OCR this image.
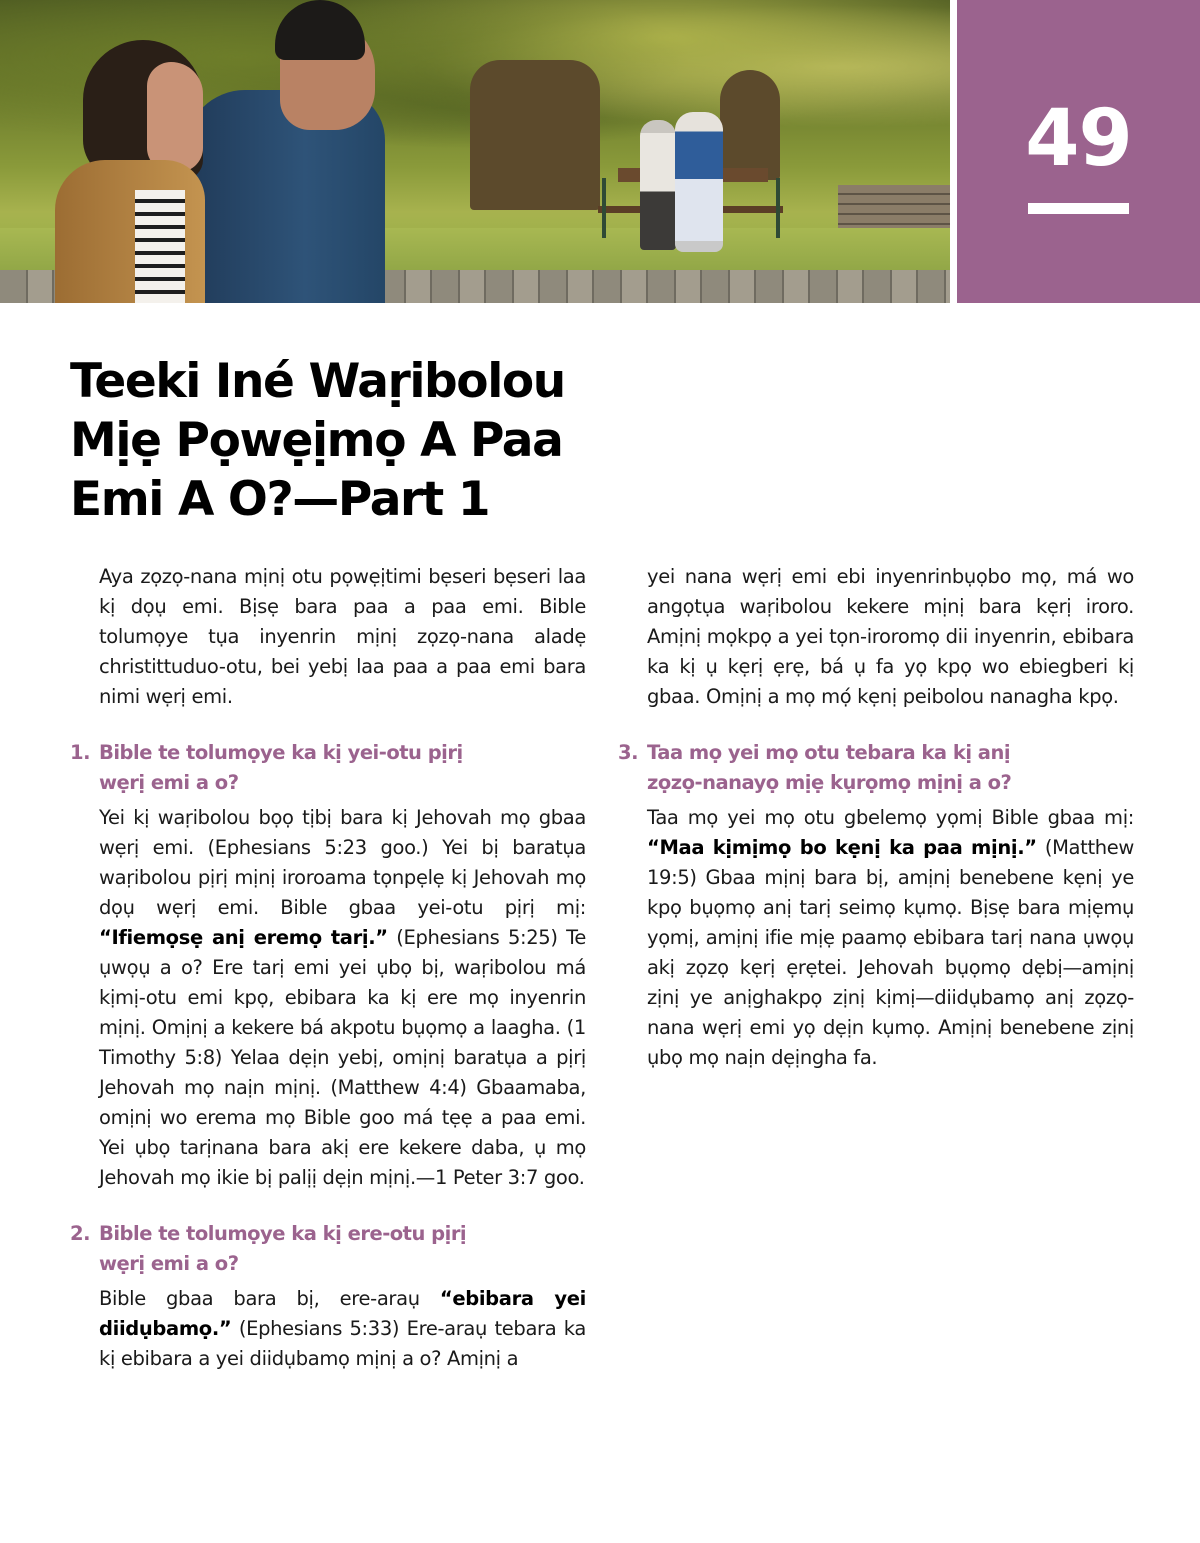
49
Teeki Iné Waṛibolou
Mịẹ Pọwẹịmọ A Paa
Emi A O?—Part 1

Aya zọzọ-nana mịnị otu pọwẹịtimi bẹseri bẹseri laa kị dọụ emi. Bịsẹ bara paa a paa emi. Bible tolumọye tụa inyenrin mịnị zọzọ-nana aladẹ christittuduo-otu, bei yebị laa paa a paa emi bara nimi wẹrị emi.

1. Bible te tolumọye ka kị yei-otu pịrị wẹrị emi a o?

Yei kị waṛibolou bọọ tịbị bara kị Jehovah mọ gbaa wẹrị emi. (Ephesians 5:23 goo.) Yei bị baratụa waṛibolou pịrị mịnị iroroama tọnpẹlẹ kị Jehovah mọ dọụ wẹrị emi. Bible gbaa yei-otu pịrị mị: “Ifiemọsẹ anị eremọ tarị.” (Ephesians 5:25) Te ụwọụ a o? Ere tarị emi yei ụbọ bị, waṛibolou má kịmị-otu emi kpọ, ebibara ka kị ere mọ inyenrin mịnị. Omịnị a kekere bá akpotu bụọmọ a laagha. (1 Timothy 5:8) Yelaa dẹịn yebị, omịnị baratụa a pịrị Jehovah mọ naịn mịnị. (Matthew 4:4) Gbaamaba, omịnị wo erema mọ Bible goo má tẹẹ a paa emi. Yei ụbọ tarịnana bara akị ere kekere daba, ụ mọ Jehovah mọ ikie bị palịị dẹịn mịnị.—1 Peter 3:7 goo.

2. Bible te tolumọye ka kị ere-otu pịrị wẹrị emi a o?

Bible gbaa bara bị, ere-araụ “ebibara yei diidụbamọ.” (Ephesians 5:33) Ere-araụ tebara ka kị ebibara a yei diidụbamọ mịnị a o? Amịnị a

yei nana wẹrị emi ebi inyenrinbụọbo mọ, má wo angọtụa waṛibolou kekere mịnị bara kẹrị iroro. Amịnị mọkpọ a yei tọn-iroromọ dii inyenrin, ebibara ka kị ụ kẹrị ẹrẹ, bá ụ fa yọ kpọ wo ebiegberi kị gbaa. Omịnị a mọ mọ́ kẹnị peibolou nanagha kpọ.

3. Taa mọ yei mọ otu tebara ka kị anị zọzọ-nanayọ mịẹ kụrọmọ mịnị a o?

Taa mọ yei mọ otu gbelemọ yọmị Bible gbaa mị: “Maa kịmịmọ bo kẹnị ka paa mịnị.” (Matthew 19:5) Gbaa mịnị bara bị, amịnị benebene kẹnị ye kpọ bụọmọ anị tarị seimọ kụmọ. Bịsẹ bara mịẹmụ yọmị, amịnị ifie mịẹ paamọ ebibara tarị nana ụwọụ akị zọzọ kẹrị ẹrẹtei. Jehovah bụọmọ dẹbị—amịnị zịnị ye anịghakpọ zịnị kịmị—diidụbamọ anị zọzọ-nana wẹrị emi yọ dẹịn kụmọ. Amịnị benebene zịnị ụbọ mọ naịn dẹịngha fa.
